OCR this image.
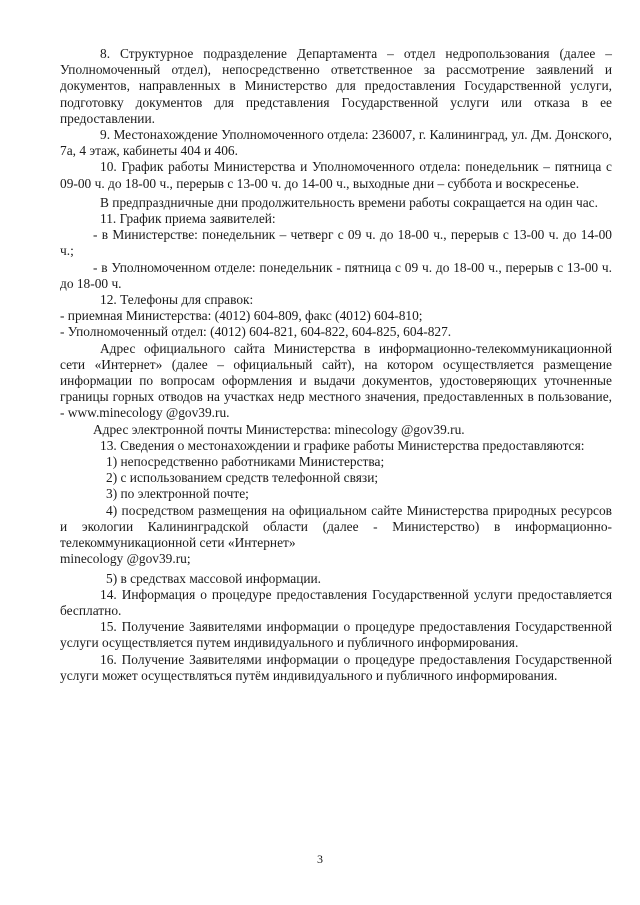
8. Структурное подразделение Департамента – отдел недропользования (далее – Уполномоченный отдел), непосредственно ответственное за рассмотрение заявлений и документов, направленных в Министерство для предоставления Государственной услуги, подготовку документов для представления Государственной услуги или отказа в ее предоставлении.

9. Местонахождение Уполномоченного отдела: 236007, г. Калининград, ул. Дм. Донского, 7а, 4 этаж, кабинеты 404 и 406.

10. График работы Министерства и Уполномоченного отдела: понедельник – пятница с 09-00 ч. до 18-00 ч., перерыв с 13-00 ч. до 14-00 ч., выходные дни – суббота и воскресенье.

В предпраздничные дни продолжительность времени работы сокращается на один час.

11. График приема заявителей:

- в Министерстве: понедельник – четверг с 09 ч. до 18-00 ч., перерыв с 13-00 ч. до 14-00 ч.;

- в Уполномоченном отделе: понедельник - пятница с 09 ч. до 18-00 ч., перерыв с 13-00 ч. до 18-00 ч.

12. Телефоны для справок:

- приемная Министерства: (4012) 604-809, факс (4012) 604-810;

- Уполномоченный отдел: (4012) 604-821, 604-822, 604-825, 604-827.

Адрес официального сайта Министерства в информационно-телекоммуникационной сети «Интернет» (далее – официальный сайт), на котором осуществляется размещение информации по вопросам оформления и выдачи документов, удостоверяющих уточненные границы горных отводов на участках недр местного значения, предоставленных в пользование, - www.minecology @gov39.ru.

Адрес электронной почты Министерства: minecology @gov39.ru.

13. Сведения о местонахождении и графике работы Министерства предоставляются:

1) непосредственно работниками Министерства;

2) с использованием средств телефонной связи;

3) по электронной почте;

4) посредством размещения на официальном сайте Министерства природных ресурсов и экологии Калининградской области (далее - Министерство) в информационно-телекоммуникационной сети «Интернет»

minecology @gov39.ru;

5) в средствах массовой информации.

14. Информация о процедуре предоставления Государственной услуги предоставляется бесплатно.

15. Получение Заявителями информации о процедуре предоставления Государственной услуги осуществляется путем индивидуального и публичного информирования.

16. Получение Заявителями информации о процедуре предоставления Государственной услуги может осуществляться путём индивидуального и публичного информирования.

3
